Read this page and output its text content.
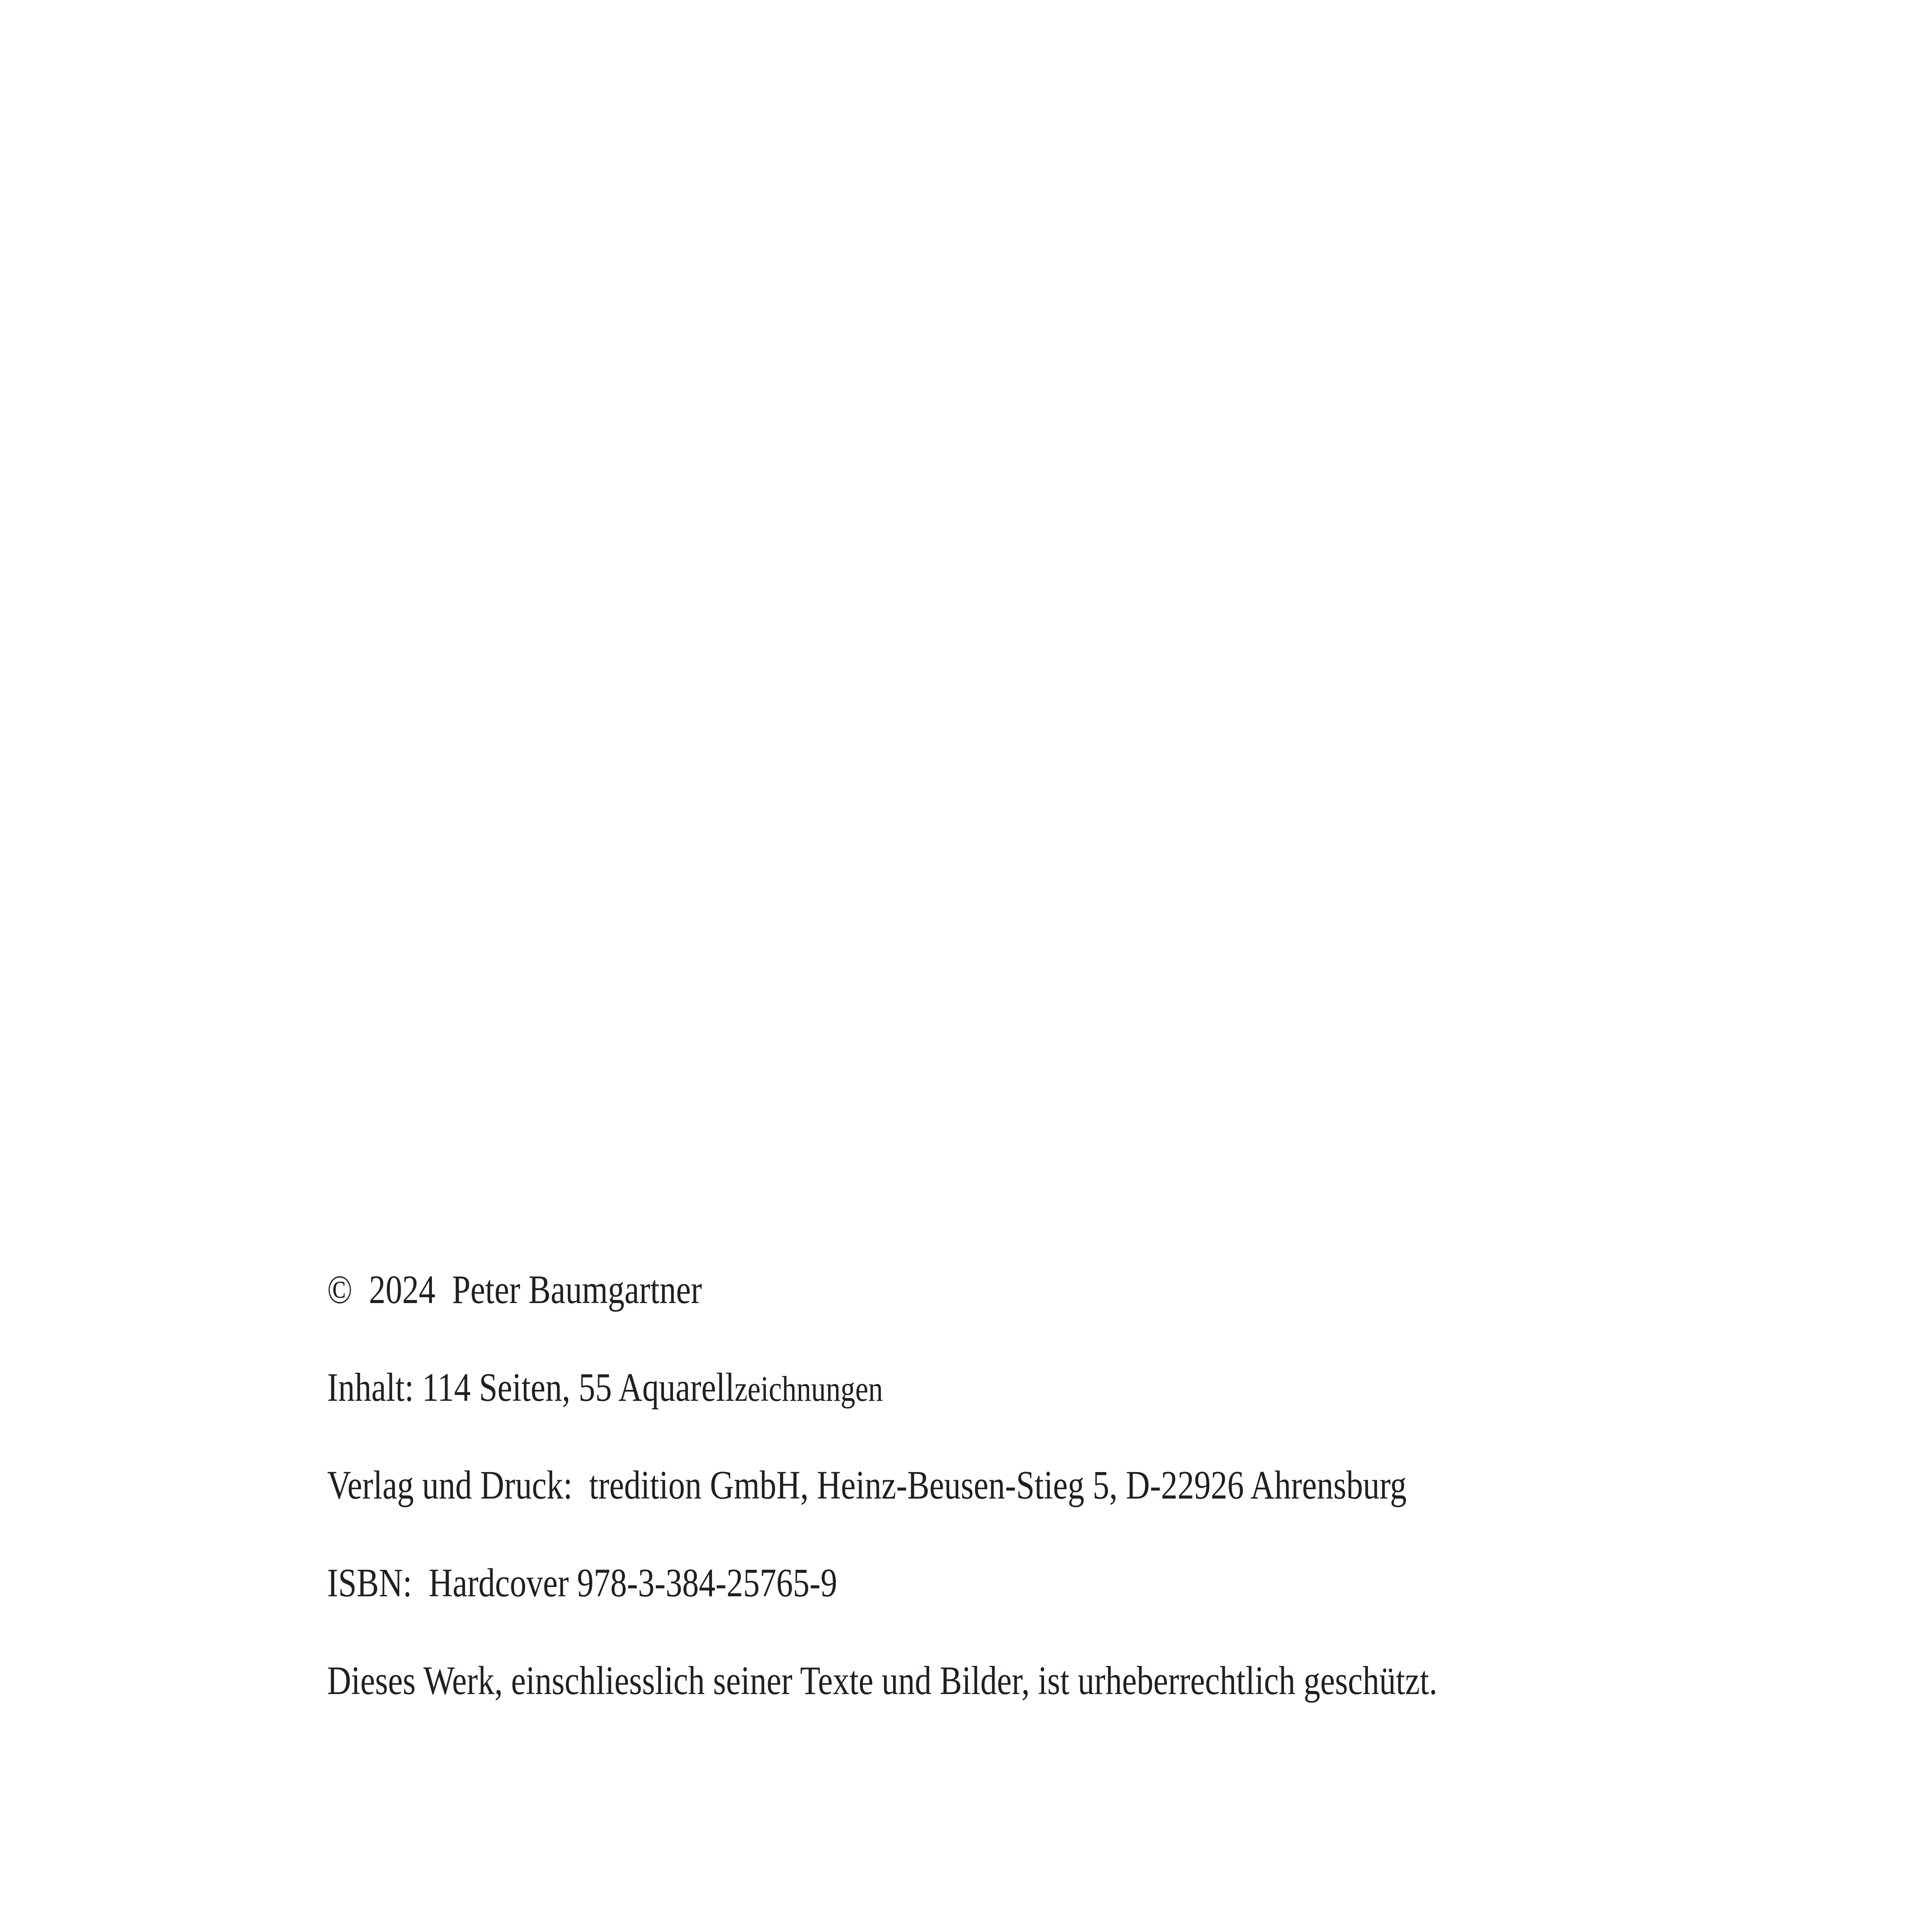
©  2024  Peter Baumgartner
Inhalt: 114 Seiten, 55 Aquarellzeichnungen
Verlag und Druck:  tredition GmbH, Heinz-Beusen-Stieg 5, D-22926 Ahrensburg
ISBN:  Hardcover 978-3-384-25765-9
Dieses Werk, einschliesslich seiner Texte und Bilder, ist urheberrechtlich geschützt.
